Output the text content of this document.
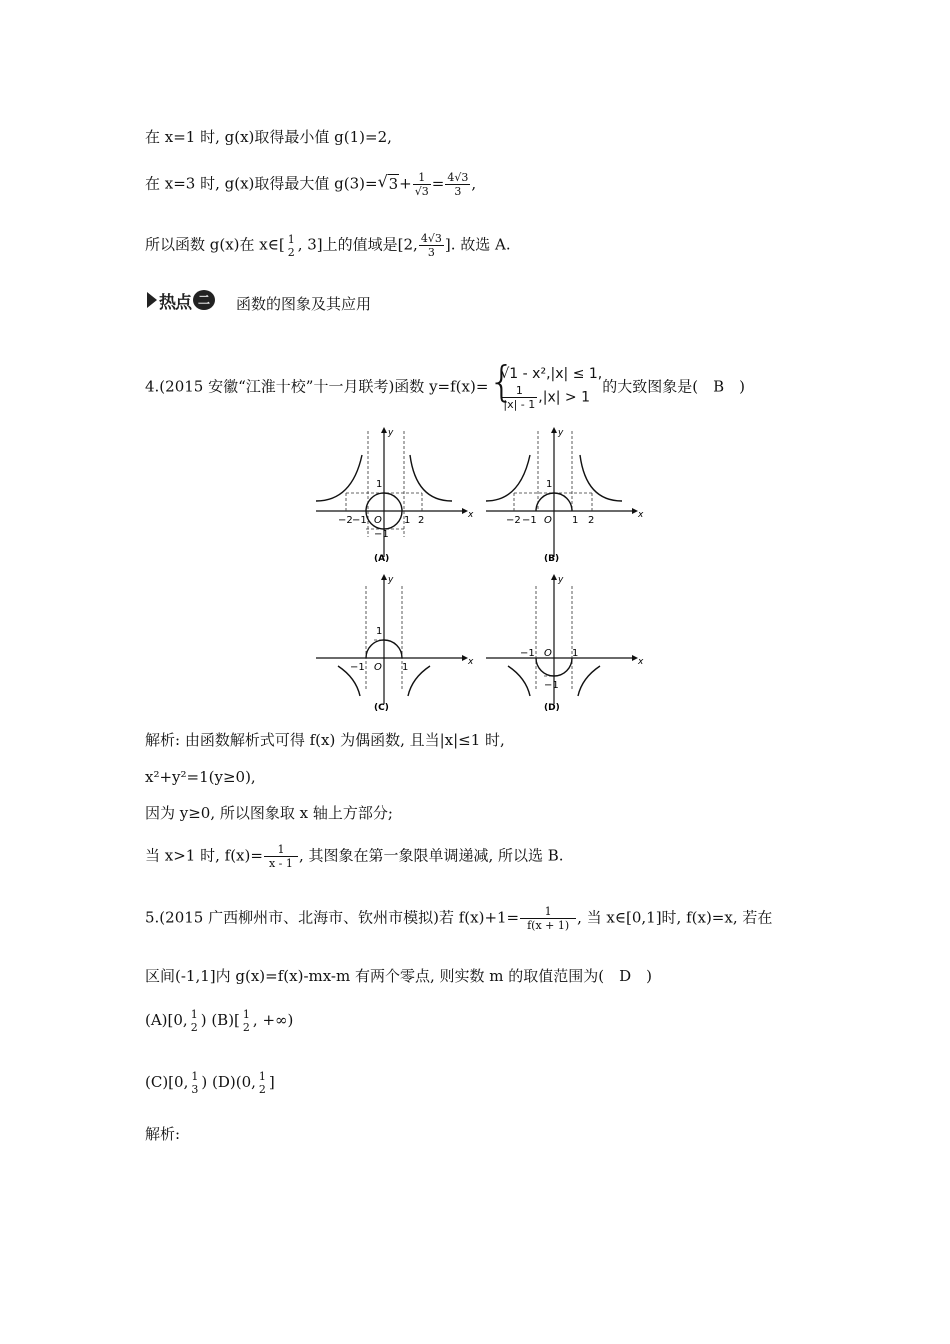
在 x=1 时, g(x)取得最小值 g(1)=2,
在 x=3 时, g(x)取得最大值 g(3)=√ $3+ \frac{1}{√3} = \frac{4√3}{3}$ ,
所以函数 g(x)在 x∈[ 1
2 , 3]上的值域是[2, $\frac{4√3}{3}$ ]. 故选 A.
热点 二	函数的图象及其应用
4.(2015 安徽“江淮十校”十一月联考)函数 y=f(x)= {
√1 - x²,|x| ≤ 1,
$\frac{1}{|x| - 1} ,|x| > 1$
的大致图象是(　B　)
x
y
−2 −1	1 2
1
−1
O
(A)
x
y
−2 −1	1 2
1
O
(B)
x
y
−1	1
1
O
(C)
x
y
−1	1
−1
O
(D)
解析: 由函数解析式可得 f(x) 为偶函数, 且当|x|≤1 时,
x²+y²=1(y≥0),
因为 y≥0, 所以图象取 x 轴上方部分;
当 x>1 时, $f(x)= \frac{1}{x - 1}$ , 其图象在第一象限单调递减, 所以选 B.
5.(2015 广西柳州市、北海市、钦州市模拟)若 $f(x)+1= \frac{1}{f(x + 1)}$ , 当 x∈[0,1]时, f(x)=x, 若在
区间(-1,1]内 g(x)=f(x)-mx-m 有两个零点, 则实数 m 的取值范围为(　D　)
(A)[0, 1
2 ) (B)[ 1
2 , +∞)
(C)[0, 1
3 ) (D)(0, 1
2 ]
解析:
